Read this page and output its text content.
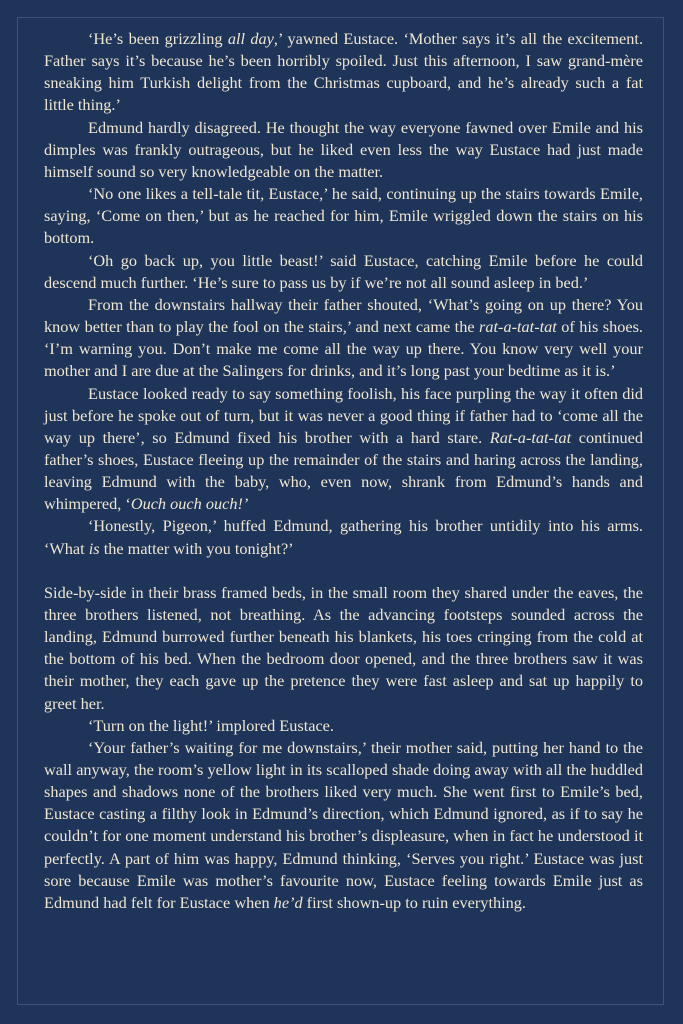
‘He’s been grizzling all day,’ yawned Eustace. ‘Mother says it’s all the excitement. Father says it’s because he’s been horribly spoiled. Just this afternoon, I saw grand-mère sneaking him Turkish delight from the Christmas cupboard, and he’s already such a fat little thing.’

Edmund hardly disagreed. He thought the way everyone fawned over Emile and his dimples was frankly outrageous, but he liked even less the way Eustace had just made himself sound so very knowledgeable on the matter.

‘No one likes a tell-tale tit, Eustace,’ he said, continuing up the stairs towards Emile, saying, ‘Come on then,’ but as he reached for him, Emile wriggled down the stairs on his bottom.

‘Oh go back up, you little beast!’ said Eustace, catching Emile before he could descend much further. ‘He’s sure to pass us by if we’re not all sound asleep in bed.’

From the downstairs hallway their father shouted, ‘What’s going on up there? You know better than to play the fool on the stairs,’ and next came the rat-a-tat-tat of his shoes. ‘I’m warning you. Don’t make me come all the way up there. You know very well your mother and I are due at the Salingers for drinks, and it’s long past your bedtime as it is.’

Eustace looked ready to say something foolish, his face purpling the way it often did just before he spoke out of turn, but it was never a good thing if father had to ‘come all the way up there’, so Edmund fixed his brother with a hard stare. Rat-a-tat-tat continued father’s shoes, Eustace fleeing up the remainder of the stairs and haring across the landing, leaving Edmund with the baby, who, even now, shrank from Edmund’s hands and whimpered, ‘Ouch ouch ouch!’

‘Honestly, Pigeon,’ huffed Edmund, gathering his brother untidily into his arms. ‘What is the matter with you tonight?’

Side-by-side in their brass framed beds, in the small room they shared under the eaves, the three brothers listened, not breathing. As the advancing footsteps sounded across the landing, Edmund burrowed further beneath his blankets, his toes cringing from the cold at the bottom of his bed. When the bedroom door opened, and the three brothers saw it was their mother, they each gave up the pretence they were fast asleep and sat up happily to greet her.

‘Turn on the light!’ implored Eustace.

‘Your father’s waiting for me downstairs,’ their mother said, putting her hand to the wall anyway, the room’s yellow light in its scalloped shade doing away with all the huddled shapes and shadows none of the brothers liked very much. She went first to Emile’s bed, Eustace casting a filthy look in Edmund’s direction, which Edmund ignored, as if to say he couldn’t for one moment understand his brother’s displeasure, when in fact he understood it perfectly. A part of him was happy, Edmund thinking, ‘Serves you right.’ Eustace was just sore because Emile was mother’s favourite now, Eustace feeling towards Emile just as Edmund had felt for Eustace when he’d first shown-up to ruin everything.
